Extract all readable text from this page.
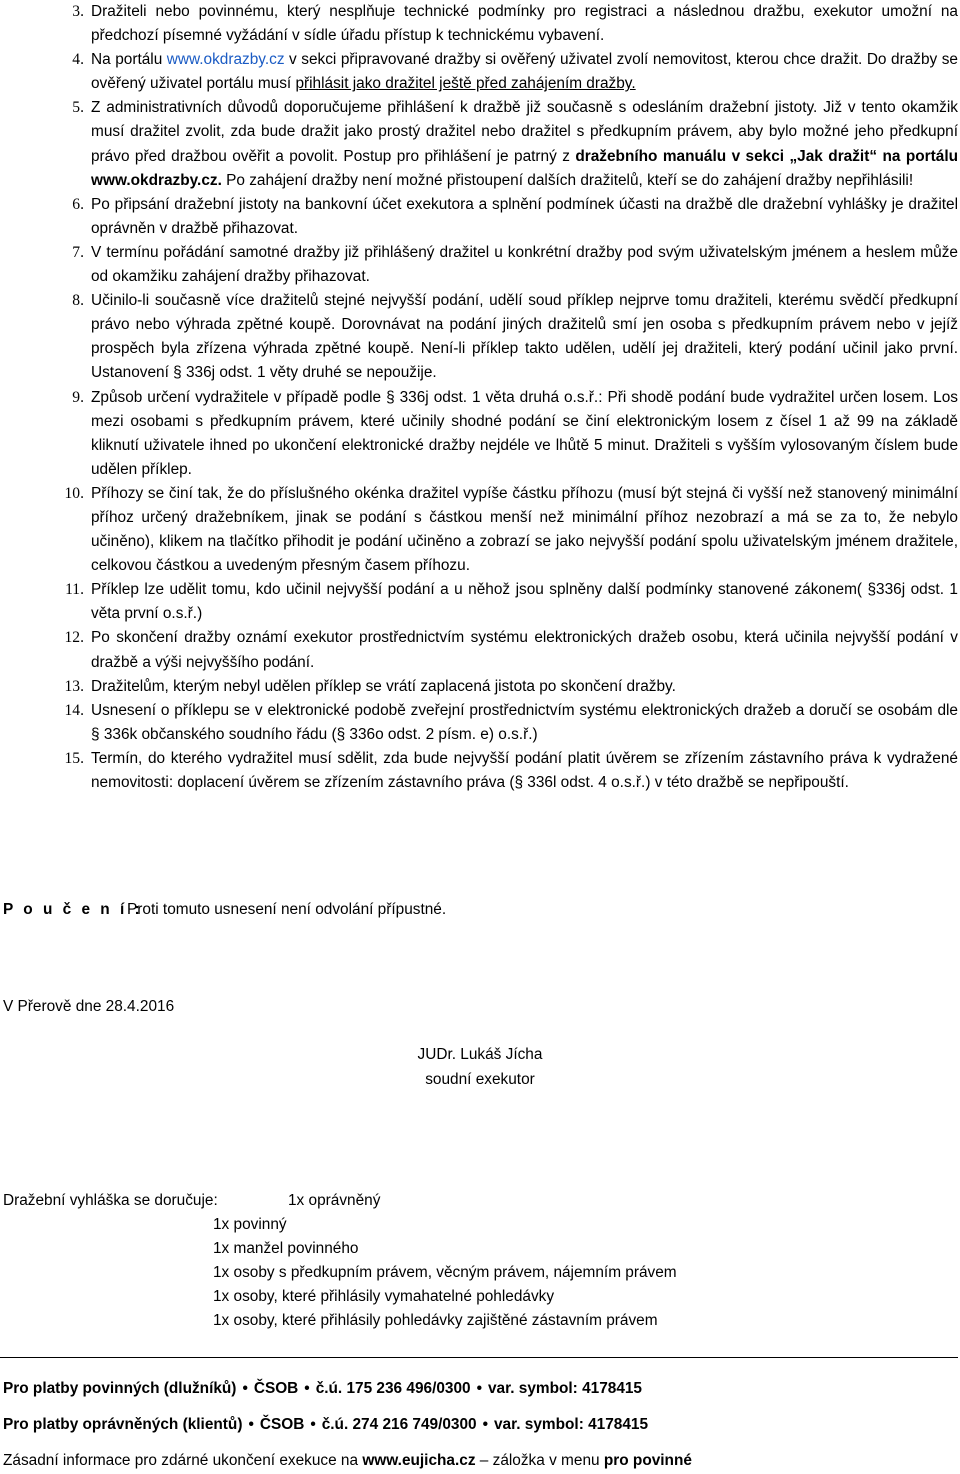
3. Dražiteli nebo povinnému, který nesplňuje technické podmínky pro registraci a následnou dražbu, exekutor umožní na předchozí písemné vyžádání v sídle úřadu přístup k technickému vybavení.
4. Na portálu www.okdrazby.cz v sekci připravované dražby si ověřený uživatel zvolí nemovitost, kterou chce dražit. Do dražby se ověřený uživatel portálu musí přihlásit jako dražitel ještě před zahájením dražby.
5. Z administrativních důvodů doporučujeme přihlášení k dražbě již současně s odesláním dražební jistoty. Již v tento okamžik musí dražitel zvolit, zda bude dražit jako prostý dražitel nebo dražitel s předkupním právem, aby bylo možné jeho předkupní právo před dražbou ověřit a povolit. Postup pro přihlášení je patrný z dražebního manuálu v sekci „Jak dražit“ na portálu www.okdrazby.cz. Po zahájení dražby není možné přistoupení dalších dražitelů, kteří se do zahájení dražby nepřihlásili!
6. Po připsání dražební jistoty na bankovní účet exekutora a splnění podmínek účasti na dražbě dle dražební vyhlášky je dražitel oprávněn v dražbě přihazovat.
7. V termínu pořádání samotné dražby již přihlášený dražitel u konkrétní dražby pod svým uživatelským jménem a heslem může od okamžiku zahájení dražby přihazovat.
8. Učinilo-li současně více dražitelů stejné nejvyšší podání, udělí soud příklep nejprve tomu dražiteli, kterému svědčí předkupní právo nebo výhrada zpětné koupě. Dorovnávat na podání jiných dražitelů smí jen osoba s předkupním právem nebo v jejíž prospěch byla zřízena výhrada zpětné koupě. Není-li příklep takto udělen, udělí jej dražiteli, který podání učinil jako první. Ustanovení § 336j odst. 1 věty druhé se nepoužije.
9. Způsob určení vydražitele v případě podle § 336j odst. 1 věta druhá o.s.ř.: Při shodě podání bude vydražitel určen losem. Los mezi osobami s předkupním právem, které učinily shodné podání se činí elektronickým losem z čísel 1 až 99 na základě kliknutí uživatele ihned po ukončení elektronické dražby nejdéle ve lhůtě 5 minut. Dražiteli s vyšším vylosovaným číslem bude udělen příklep.
10. Příhozy se činí tak, že do příslušného okénka dražitel vypíše částku příhozu (musí být stejná či vyšší než stanovený minimální příhoz určený dražebníkem, jinak se podání s částkou menší než minimální příhoz nezobrazí a má se za to, že nebylo učiněno), klikem na tlačítko přihodit je podání učiněno a zobrazí se jako nejvyšší podání spolu uživatelským jménem dražitele, celkovou částkou a uvedeným přesným časem příhozu.
11. Příklep lze udělit tomu, kdo učinil nejvyšší podání a u něhož jsou splněny další podmínky stanovené zákonem( §336j odst. 1 věta první o.s.ř.)
12. Po skončení dražby oznámí exekutor prostřednictvím systému elektronických dražeb osobu, která učinila nejvyšší podání v dražbě a výši nejvyššího podání.
13. Dražitelům, kterým nebyl udělen příklep se vrátí zaplacená jistota po skončení dražby.
14. Usnesení o příklepu se v elektronické podobě zveřejní prostřednictvím systému elektronických dražeb a doručí se osobám dle § 336k občanského soudního řádu (§ 336o odst. 2 písm. e) o.s.ř.)
15. Termín, do kterého vydražitel musí sdělit, zda bude nejvyšší podání platit úvěrem se zřízením zástavního práva k vydražené nemovitosti: doplacení úvěrem se zřízením zástavního práva (§ 336l odst. 4 o.s.ř.) v této dražbě se nepřipouští.
P o u č e n í :
Proti tomuto usnesení není odvolání přípustné.
V Přerově dne 28.4.2016
JUDr. Lukáš Jícha
soudní exekutor
Dražební vyhláška se doručuje:	1x oprávněný
1x povinný
1x manžel povinného
1x osoby s předkupním právem, věcným právem, nájemním právem
1x osoby, které přihlásily vymahatelné pohledávky
1x osoby, které přihlásily pohledávky zajištěné zástavním právem
Pro platby povinných (dlužníků) • ČSOB • č.ú. 175 236 496/0300 • var. symbol: 4178415
Pro platby oprávněných (klientů) • ČSOB • č.ú. 274 216 749/0300 • var. symbol: 4178415
Zásadní informace pro zdárné ukončení exekuce na www.eujicha.cz – záložka v menu pro povinné
